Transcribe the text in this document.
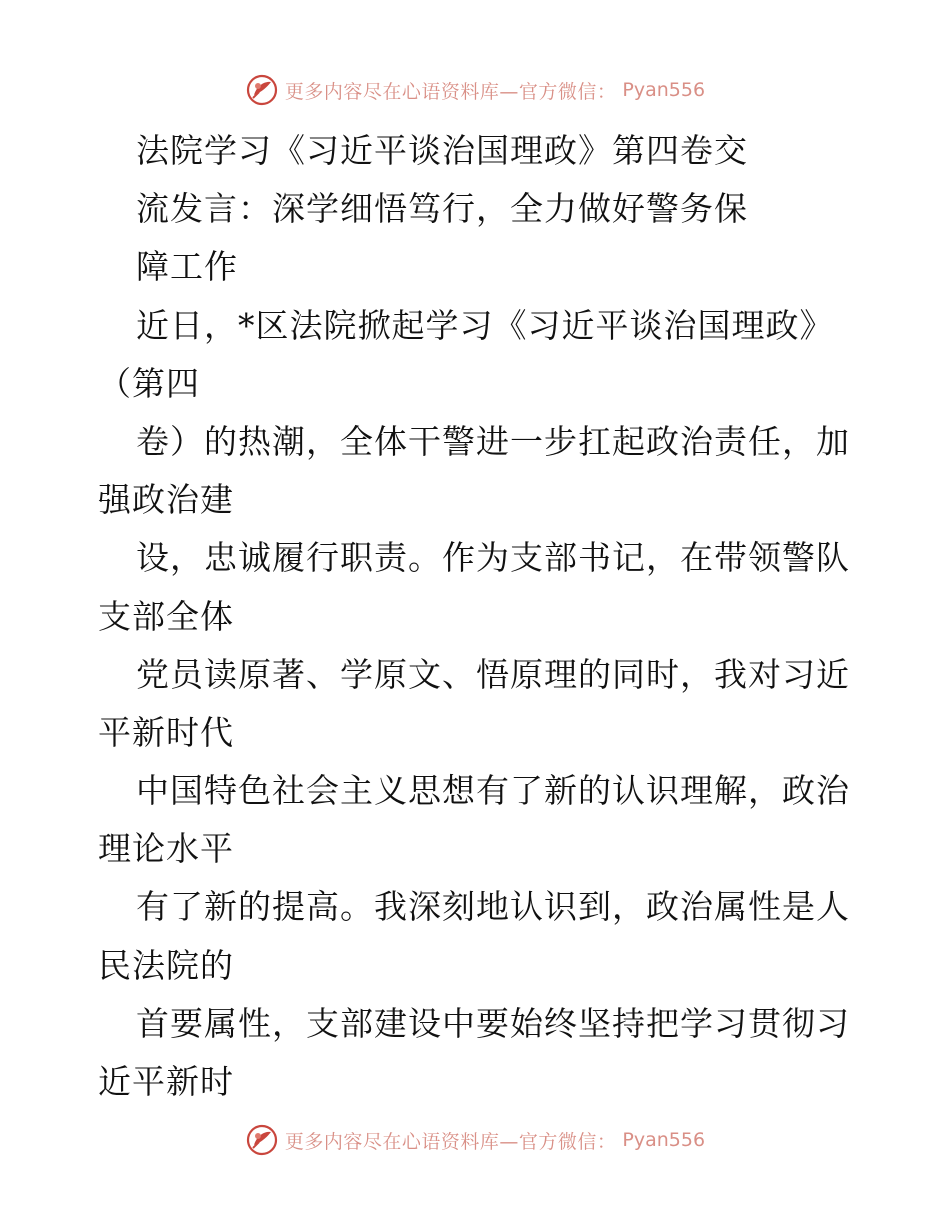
更多内容尽在心语资料库—官方微信： Pyan556
法院学习《习近平谈治国理政》第四卷交
流发言：深学细悟笃行，全力做好警务保
障工作
近日，*区法院掀起学习《习近平谈治国理政》
（第四
卷）的热潮，全体干警进一步扛起政治责任，加
强政治建
设，忠诚履行职责。作为支部书记，在带领警队
支部全体
党员读原著、学原文、悟原理的同时，我对习近
平新时代
中国特色社会主义思想有了新的认识理解，政治
理论水平
有了新的提高。我深刻地认识到，政治属性是人
民法院的
首要属性，支部建设中要始终坚持把学习贯彻习
近平新时
更多内容尽在心语资料库—官方微信： Pyan556
